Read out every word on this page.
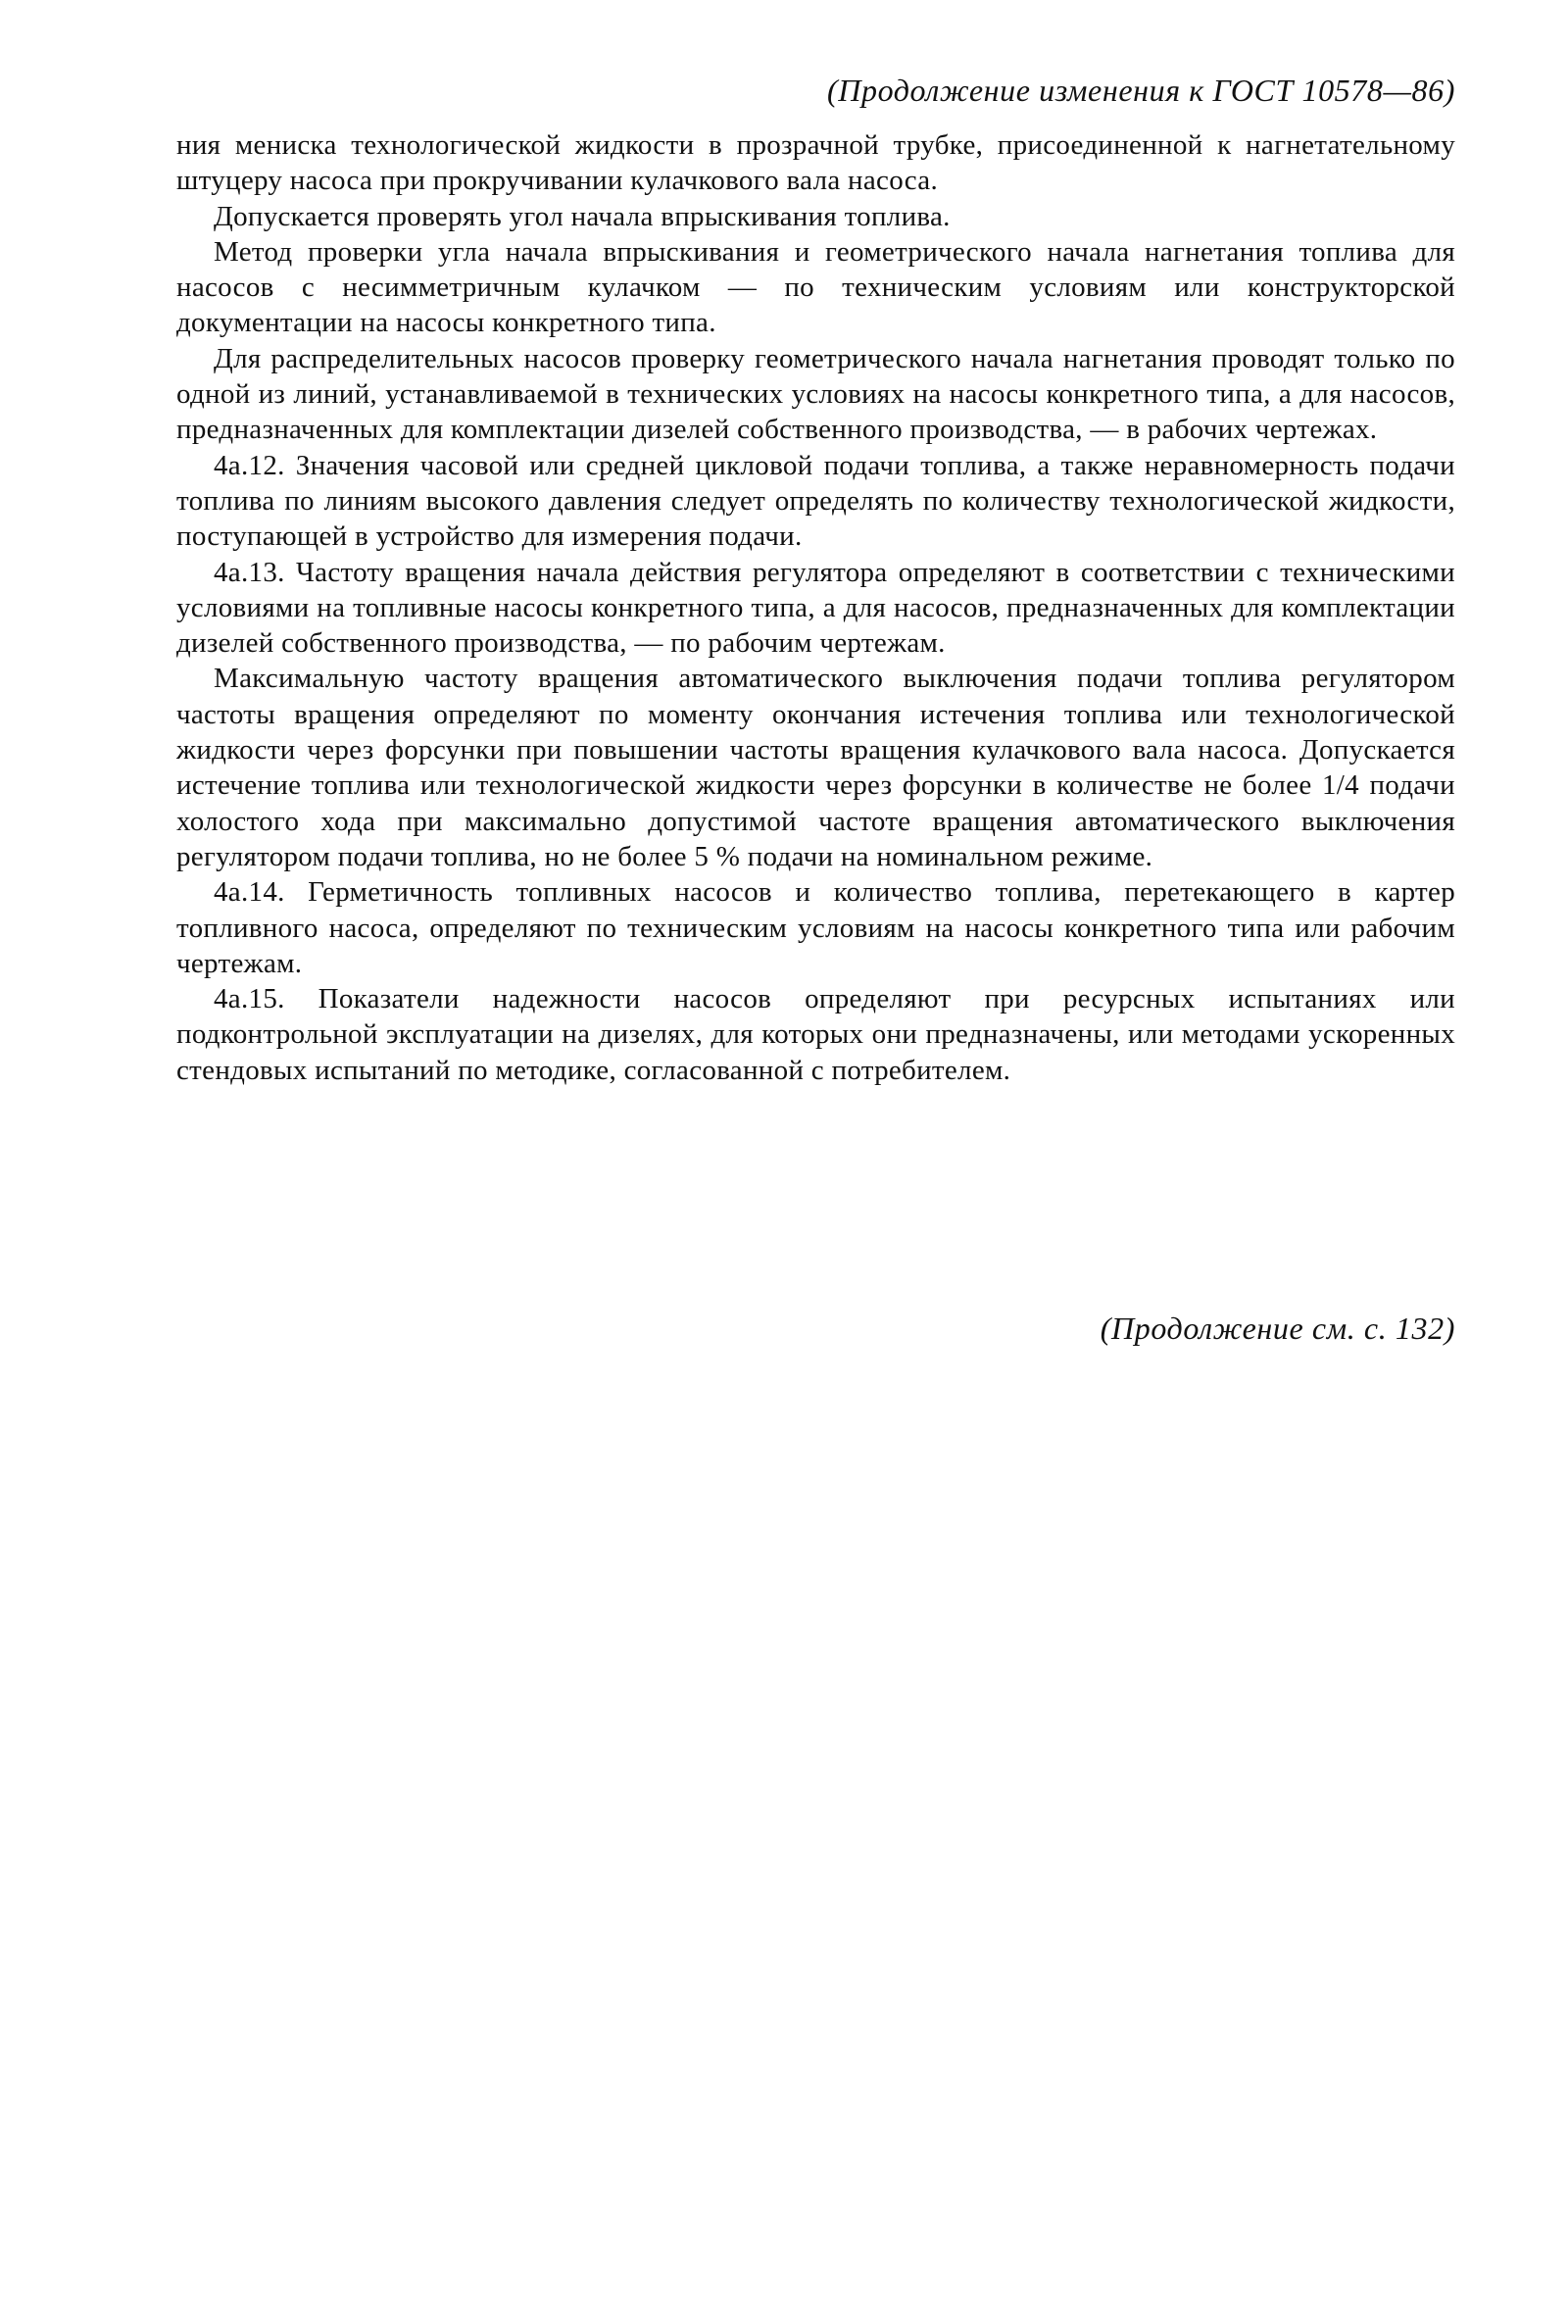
(Продолжение изменения к ГОСТ 10578—86)

ния мениска технологической жидкости в прозрачной трубке, присоединенной к нагнетательному штуцеру насоса при прокручивании кулачкового вала насоса.

Допускается проверять угол начала впрыскивания топлива.

Метод проверки угла начала впрыскивания и геометрического начала нагнетания топлива для насосов с несимметричным кулачком — по техническим условиям или конструкторской документации на насосы конкретного типа.

Для распределительных насосов проверку геометрического начала нагнетания проводят только по одной из линий, устанавливаемой в технических условиях на насосы конкретного типа, а для насосов, предназначенных для комплектации дизелей собственного производства, — в рабочих чертежах.

4а.12. Значения часовой или средней цикловой подачи топлива, а также неравномерность подачи топлива по линиям высокого давления следует определять по количеству технологической жидкости, поступающей в устройство для измерения подачи.

4а.13. Частоту вращения начала действия регулятора определяют в соответствии с техническими условиями на топливные насосы конкретного типа, а для насосов, предназначенных для комплектации дизелей собственного производства, — по рабочим чертежам.

Максимальную частоту вращения автоматического выключения подачи топлива регулятором частоты вращения определяют по моменту окончания истечения топлива или технологической жидкости через форсунки при повышении частоты вращения кулачкового вала насоса. Допускается истечение топлива или технологической жидкости через форсунки в количестве не более 1/4 подачи холостого хода при максимально допустимой частоте вращения автоматического выключения регулятором подачи топлива, но не более 5 % подачи на номинальном режиме.

4а.14. Герметичность топливных насосов и количество топлива, перетекающего в картер топливного насоса, определяют по техническим условиям на насосы конкретного типа или рабочим чертежам.

4а.15. Показатели надежности насосов определяют при ресурсных испытаниях или подконтрольной эксплуатации на дизелях, для которых они предназначены, или методами ускоренных стендовых испытаний по методике, согласованной с потребителем.

(Продолжение см. с. 132)
